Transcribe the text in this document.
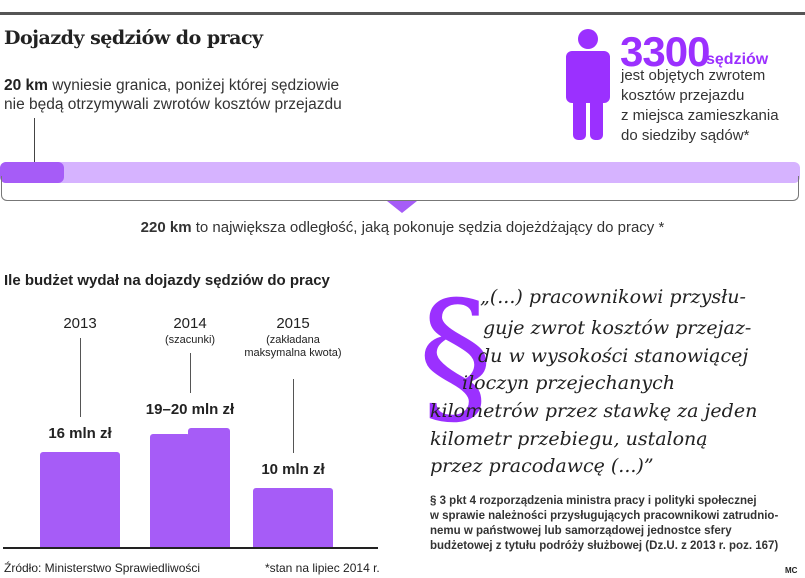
Dojazdy sędziów do pracy
20 km wyniesie granica, poniżej której sędziowie
nie będą otrzymywali zwrotów kosztów przejazdu
3300
sędziów
jest objętych zwrotem
kosztów przejazdu
z miejsca zamieszkania
do siedziby sądów*
220 km to największa odległość, jaką pokonuje sędzia dojeżdżający do pracy *
Ile budżet wydał na dojazdy sędziów do pracy
2013
16 mln zł
2014
(szacunki)
19–20 mln zł
2015
(zakładana maksymalna kwota)
10 mln zł
Źródło: Ministerstwo Sprawiedliwości	*stan na lipiec 2014 r.
§
„(...) pracownikowi przysłu-
guje zwrot kosztów przejaz-
du w wysokości stanowiącej
iloczyn przejechanych
kilometrów przez stawkę za jeden
kilometr przebiegu, ustaloną
przez pracodawcę (...)”
§ 3 pkt 4 rozporządzenia ministra pracy i polityki społecznej
w sprawie należności przysługujących pracownikowi zatrudnio-
nemu w państwowej lub samorządowej jednostce sfery
budżetowej z tytułu podróży służbowej (Dz.U. z 2013 r. poz. 167)
MC
